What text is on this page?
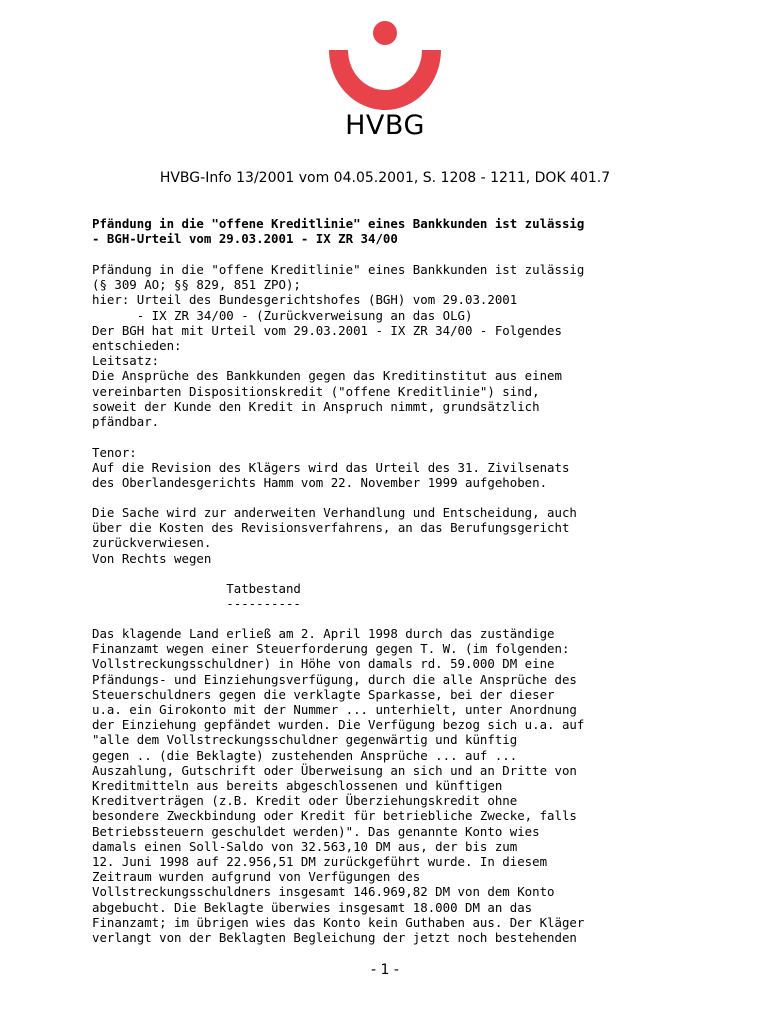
HVBG
HVBG-Info 13/2001 vom 04.05.2001, S. 1208 - 1211, DOK 401.7
Pfändung in die "offene Kreditlinie" eines Bankkunden ist zulässig
- BGH-Urteil vom 29.03.2001 - IX ZR 34/00
Pfändung in die "offene Kreditlinie" eines Bankkunden ist zulässig
(§ 309 AO; §§ 829, 851 ZPO);
hier: Urteil des Bundesgerichtshofes (BGH) vom 29.03.2001
- IX ZR 34/00 - (Zurückverweisung an das OLG)
Der BGH hat mit Urteil vom 29.03.2001 - IX ZR 34/00 - Folgendes
entschieden:
Leitsatz:
Die Ansprüche des Bankkunden gegen das Kreditinstitut aus einem
vereinbarten Dispositionskredit ("offene Kreditlinie") sind,
soweit der Kunde den Kredit in Anspruch nimmt, grundsätzlich
pfändbar.
Tenor:
Auf die Revision des Klägers wird das Urteil des 31. Zivilsenats
des Oberlandesgerichts Hamm vom 22. November 1999 aufgehoben.
Die Sache wird zur anderweiten Verhandlung und Entscheidung, auch
über die Kosten des Revisionsverfahrens, an das Berufungsgericht
zurückverwiesen.
Von Rechts wegen
Tatbestand
----------
Das klagende Land erließ am 2. April 1998 durch das zuständige
Finanzamt wegen einer Steuerforderung gegen T. W. (im folgenden:
Vollstreckungsschuldner) in Höhe von damals rd. 59.000 DM eine
Pfändungs- und Einziehungsverfügung, durch die alle Ansprüche des
Steuerschuldners gegen die verklagte Sparkasse, bei der dieser
u.a. ein Girokonto mit der Nummer ... unterhielt, unter Anordnung
der Einziehung gepfändet wurden. Die Verfügung bezog sich u.a. auf
"alle dem Vollstreckungsschuldner gegenwärtig und künftig
gegen .. (die Beklagte) zustehenden Ansprüche ... auf ...
Auszahlung, Gutschrift oder Überweisung an sich und an Dritte von
Kreditmitteln aus bereits abgeschlossenen und künftigen
Kreditverträgen (z.B. Kredit oder Überziehungskredit ohne
besondere Zweckbindung oder Kredit für betriebliche Zwecke, falls
Betriebssteuern geschuldet werden)". Das genannte Konto wies
damals einen Soll-Saldo von 32.563,10 DM aus, der bis zum
12. Juni 1998 auf 22.956,51 DM zurückgeführt wurde. In diesem
Zeitraum wurden aufgrund von Verfügungen des
Vollstreckungsschuldners insgesamt 146.969,82 DM von dem Konto
abgebucht. Die Beklagte überwies insgesamt 18.000 DM an das
Finanzamt; im übrigen wies das Konto kein Guthaben aus. Der Kläger
verlangt von der Beklagten Begleichung der jetzt noch bestehenden
- 1 -
